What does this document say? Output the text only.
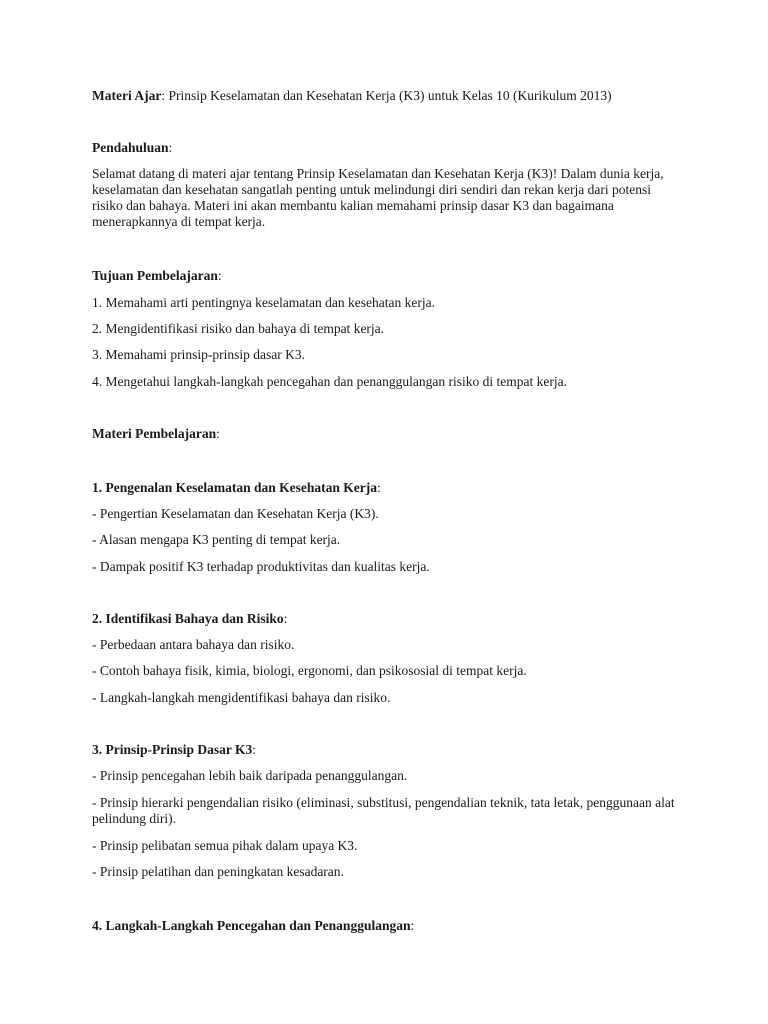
Materi Ajar: Prinsip Keselamatan dan Kesehatan Kerja (K3) untuk Kelas 10 (Kurikulum 2013)

Pendahuluan:

Selamat datang di materi ajar tentang Prinsip Keselamatan dan Kesehatan Kerja (K3)! Dalam dunia kerja, keselamatan dan kesehatan sangatlah penting untuk melindungi diri sendiri dan rekan kerja dari potensi risiko dan bahaya. Materi ini akan membantu kalian memahami prinsip dasar K3 dan bagaimana menerapkannya di tempat kerja.

Tujuan Pembelajaran:

1. Memahami arti pentingnya keselamatan dan kesehatan kerja.

2. Mengidentifikasi risiko dan bahaya di tempat kerja.

3. Memahami prinsip-prinsip dasar K3.

4. Mengetahui langkah-langkah pencegahan dan penanggulangan risiko di tempat kerja.

Materi Pembelajaran:

1. Pengenalan Keselamatan dan Kesehatan Kerja:

- Pengertian Keselamatan dan Kesehatan Kerja (K3).

- Alasan mengapa K3 penting di tempat kerja.

- Dampak positif K3 terhadap produktivitas dan kualitas kerja.

2. Identifikasi Bahaya dan Risiko:

- Perbedaan antara bahaya dan risiko.

- Contoh bahaya fisik, kimia, biologi, ergonomi, dan psikososial di tempat kerja.

- Langkah-langkah mengidentifikasi bahaya dan risiko.

3. Prinsip-Prinsip Dasar K3:

- Prinsip pencegahan lebih baik daripada penanggulangan.

- Prinsip hierarki pengendalian risiko (eliminasi, substitusi, pengendalian teknik, tata letak, penggunaan alat pelindung diri).

- Prinsip pelibatan semua pihak dalam upaya K3.

- Prinsip pelatihan dan peningkatan kesadaran.

4. Langkah-Langkah Pencegahan dan Penanggulangan:
